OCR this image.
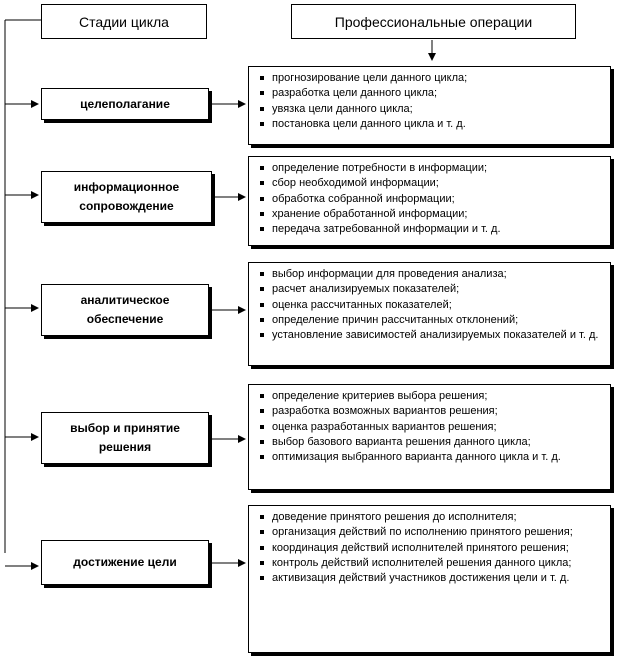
Стадии цикла	Профессиональные операции
целеполагание
информационное сопровождение
аналитическое обеспечение
выбор и принятие решения
достижение цели
прогнозирование цели данного цикла;
разработка цели данного цикла;
увязка цели данного цикла;
постановка цели данного цикла и т. д.
определение потребности в информации;
сбор необходимой информации;
обработка собранной информации;
хранение обработанной информации;
передача затребованной информации и т. д.
выбор информации для проведения анализа;
расчет анализируемых показателей;
оценка рассчитанных показателей;
определение причин рассчитанных отклонений;
установление зависимостей анализируемых показателей и т. д.
определение критериев выбора решения;
разработка возможных вариантов решения;
оценка разработанных вариантов решения;
выбор базового варианта решения данного цикла;
оптимизация выбранного варианта данного цикла и т. д.
доведение принятого решения до исполнителя;
организация действий по исполнению принятого решения;
координация действий исполнителей принятого решения;
контроль действий исполнителей решения данного цикла;
активизация действий участников достижения цели и т. д.
